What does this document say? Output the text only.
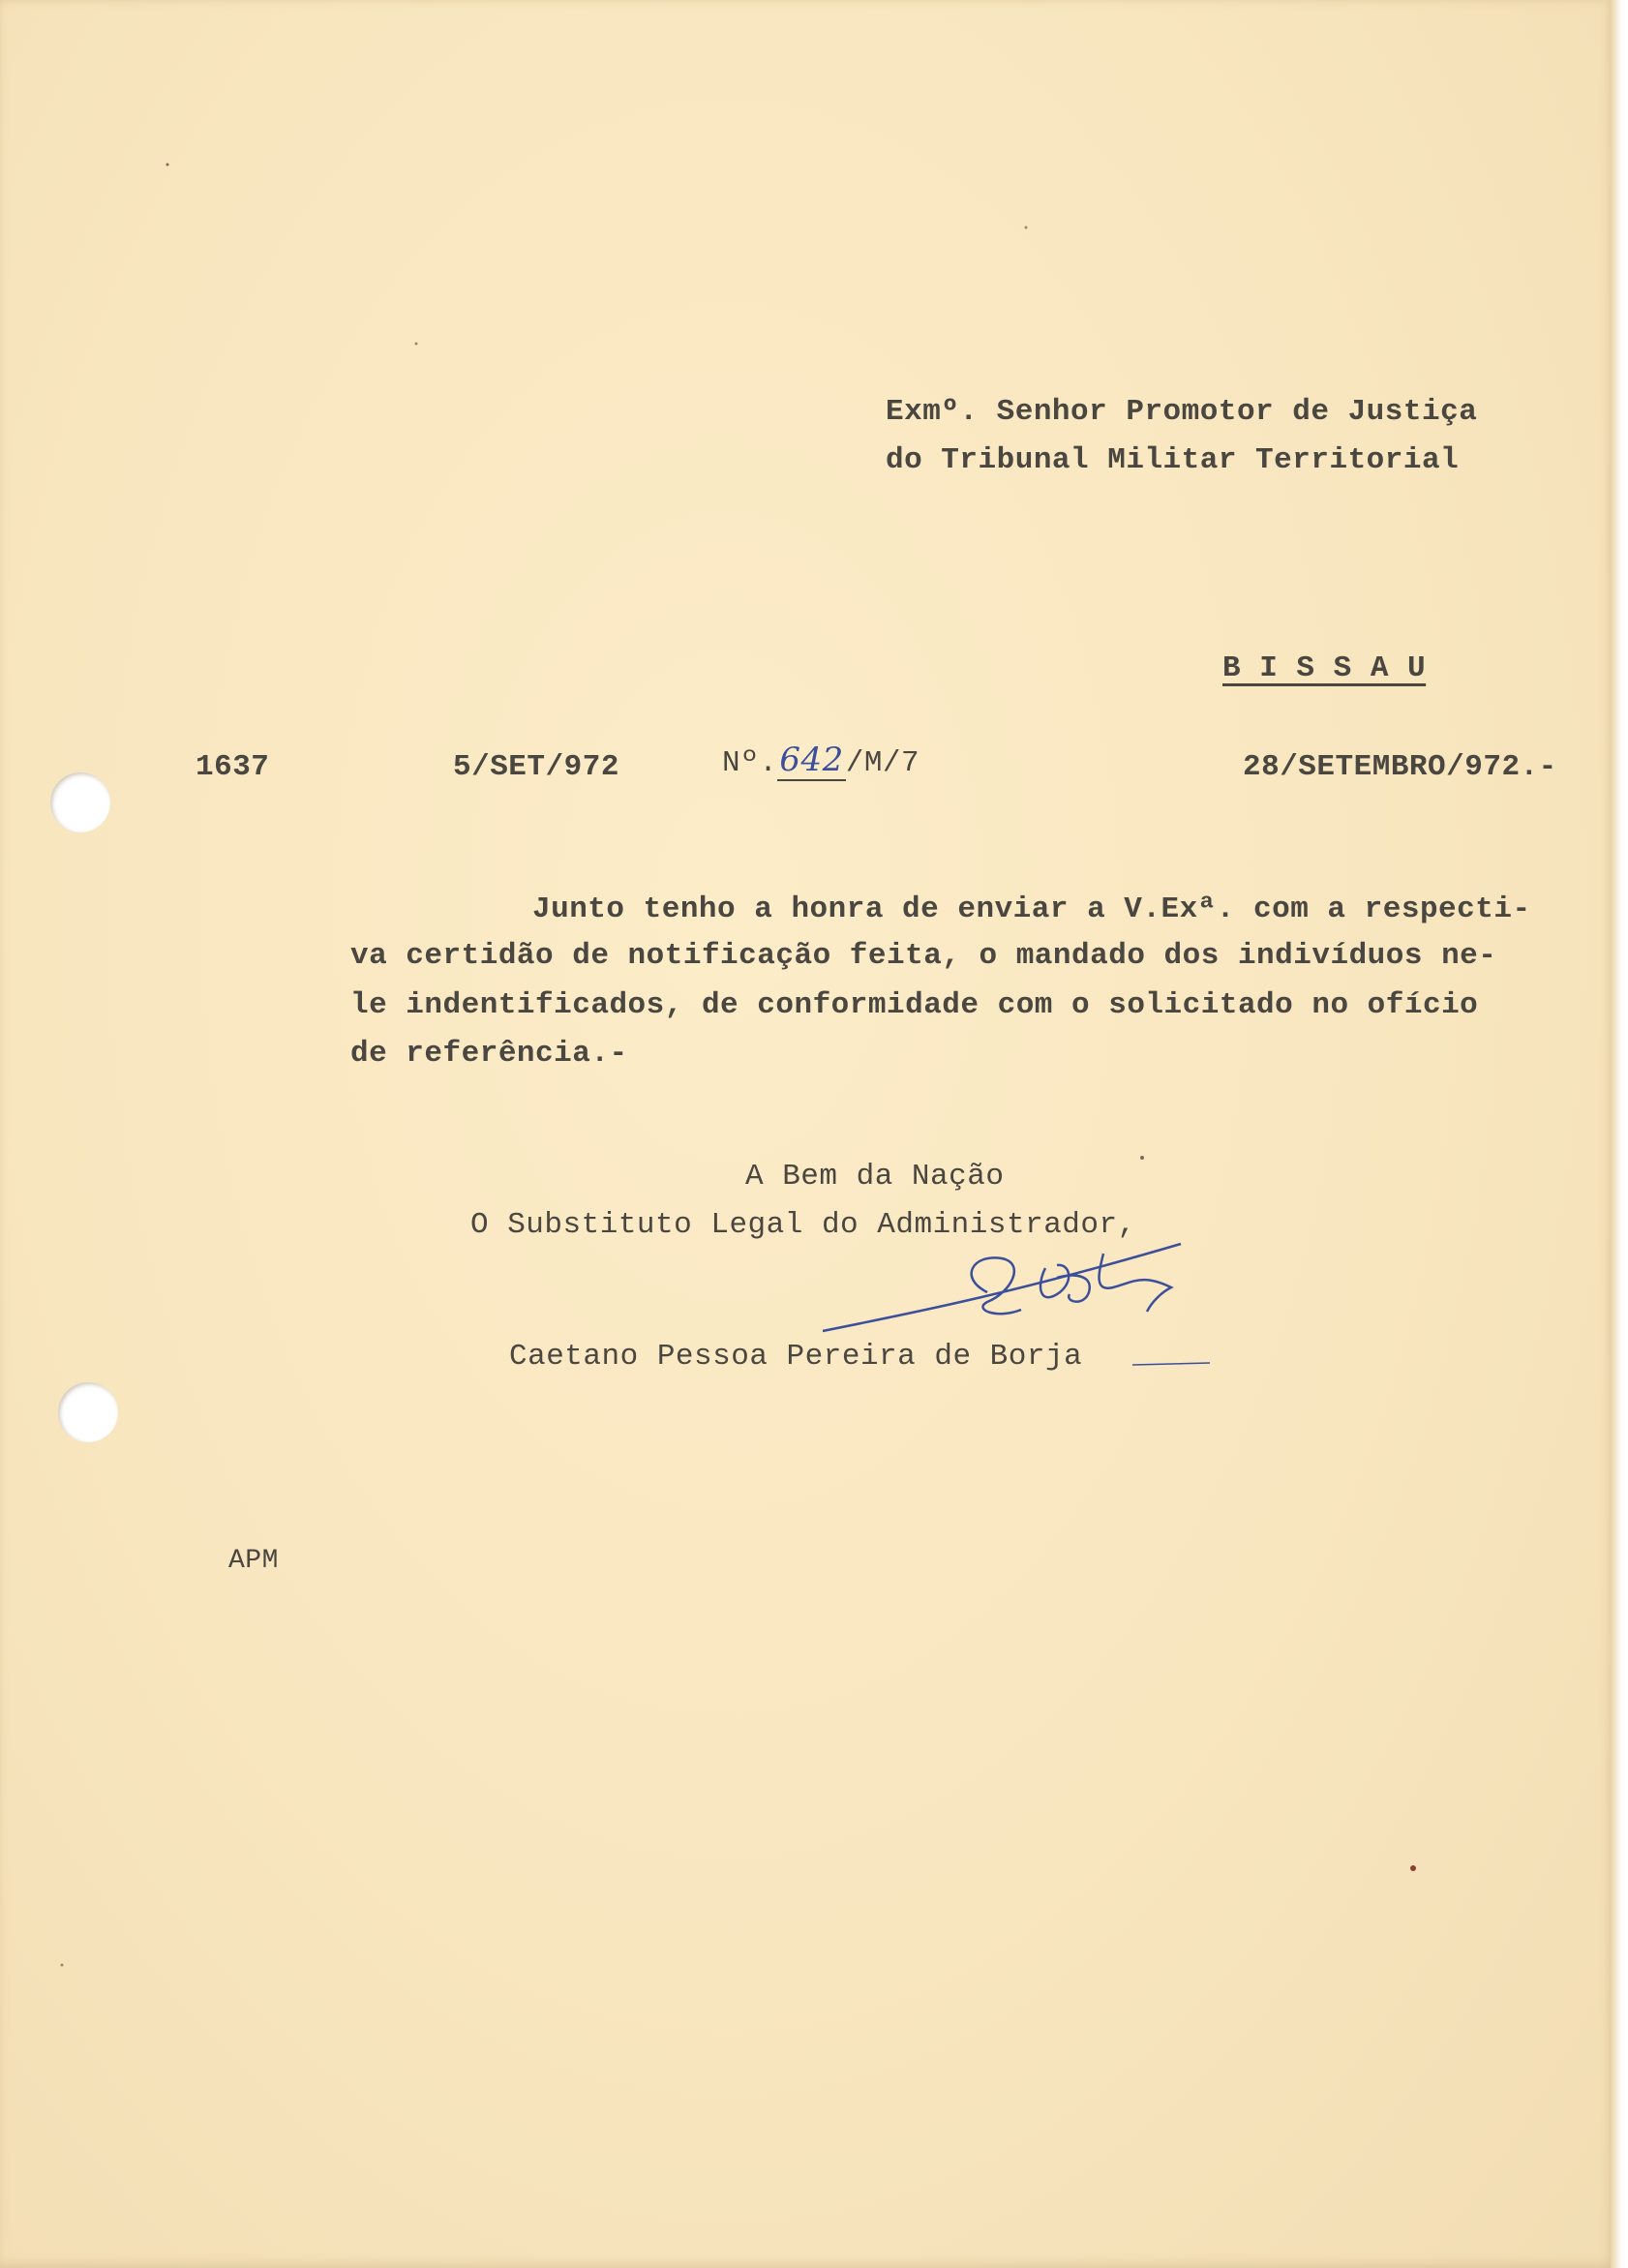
Exmº. Senhor Promotor de Justiça
do Tribunal Militar Territorial
B I S S A U
1637	5/SET/972	Nº.642/M/7	28/SETEMBRO/972.-
Junto tenho a honra de enviar a V.Exª. com a respecti-
va certidão de notificação feita, o mandado dos indivíduos ne-
le indentificados, de conformidade com o solicitado no ofício
de referência.-
A Bem da Nação
O Substituto Legal do Administrador,
Caetano Pessoa Pereira de Borja
APM
